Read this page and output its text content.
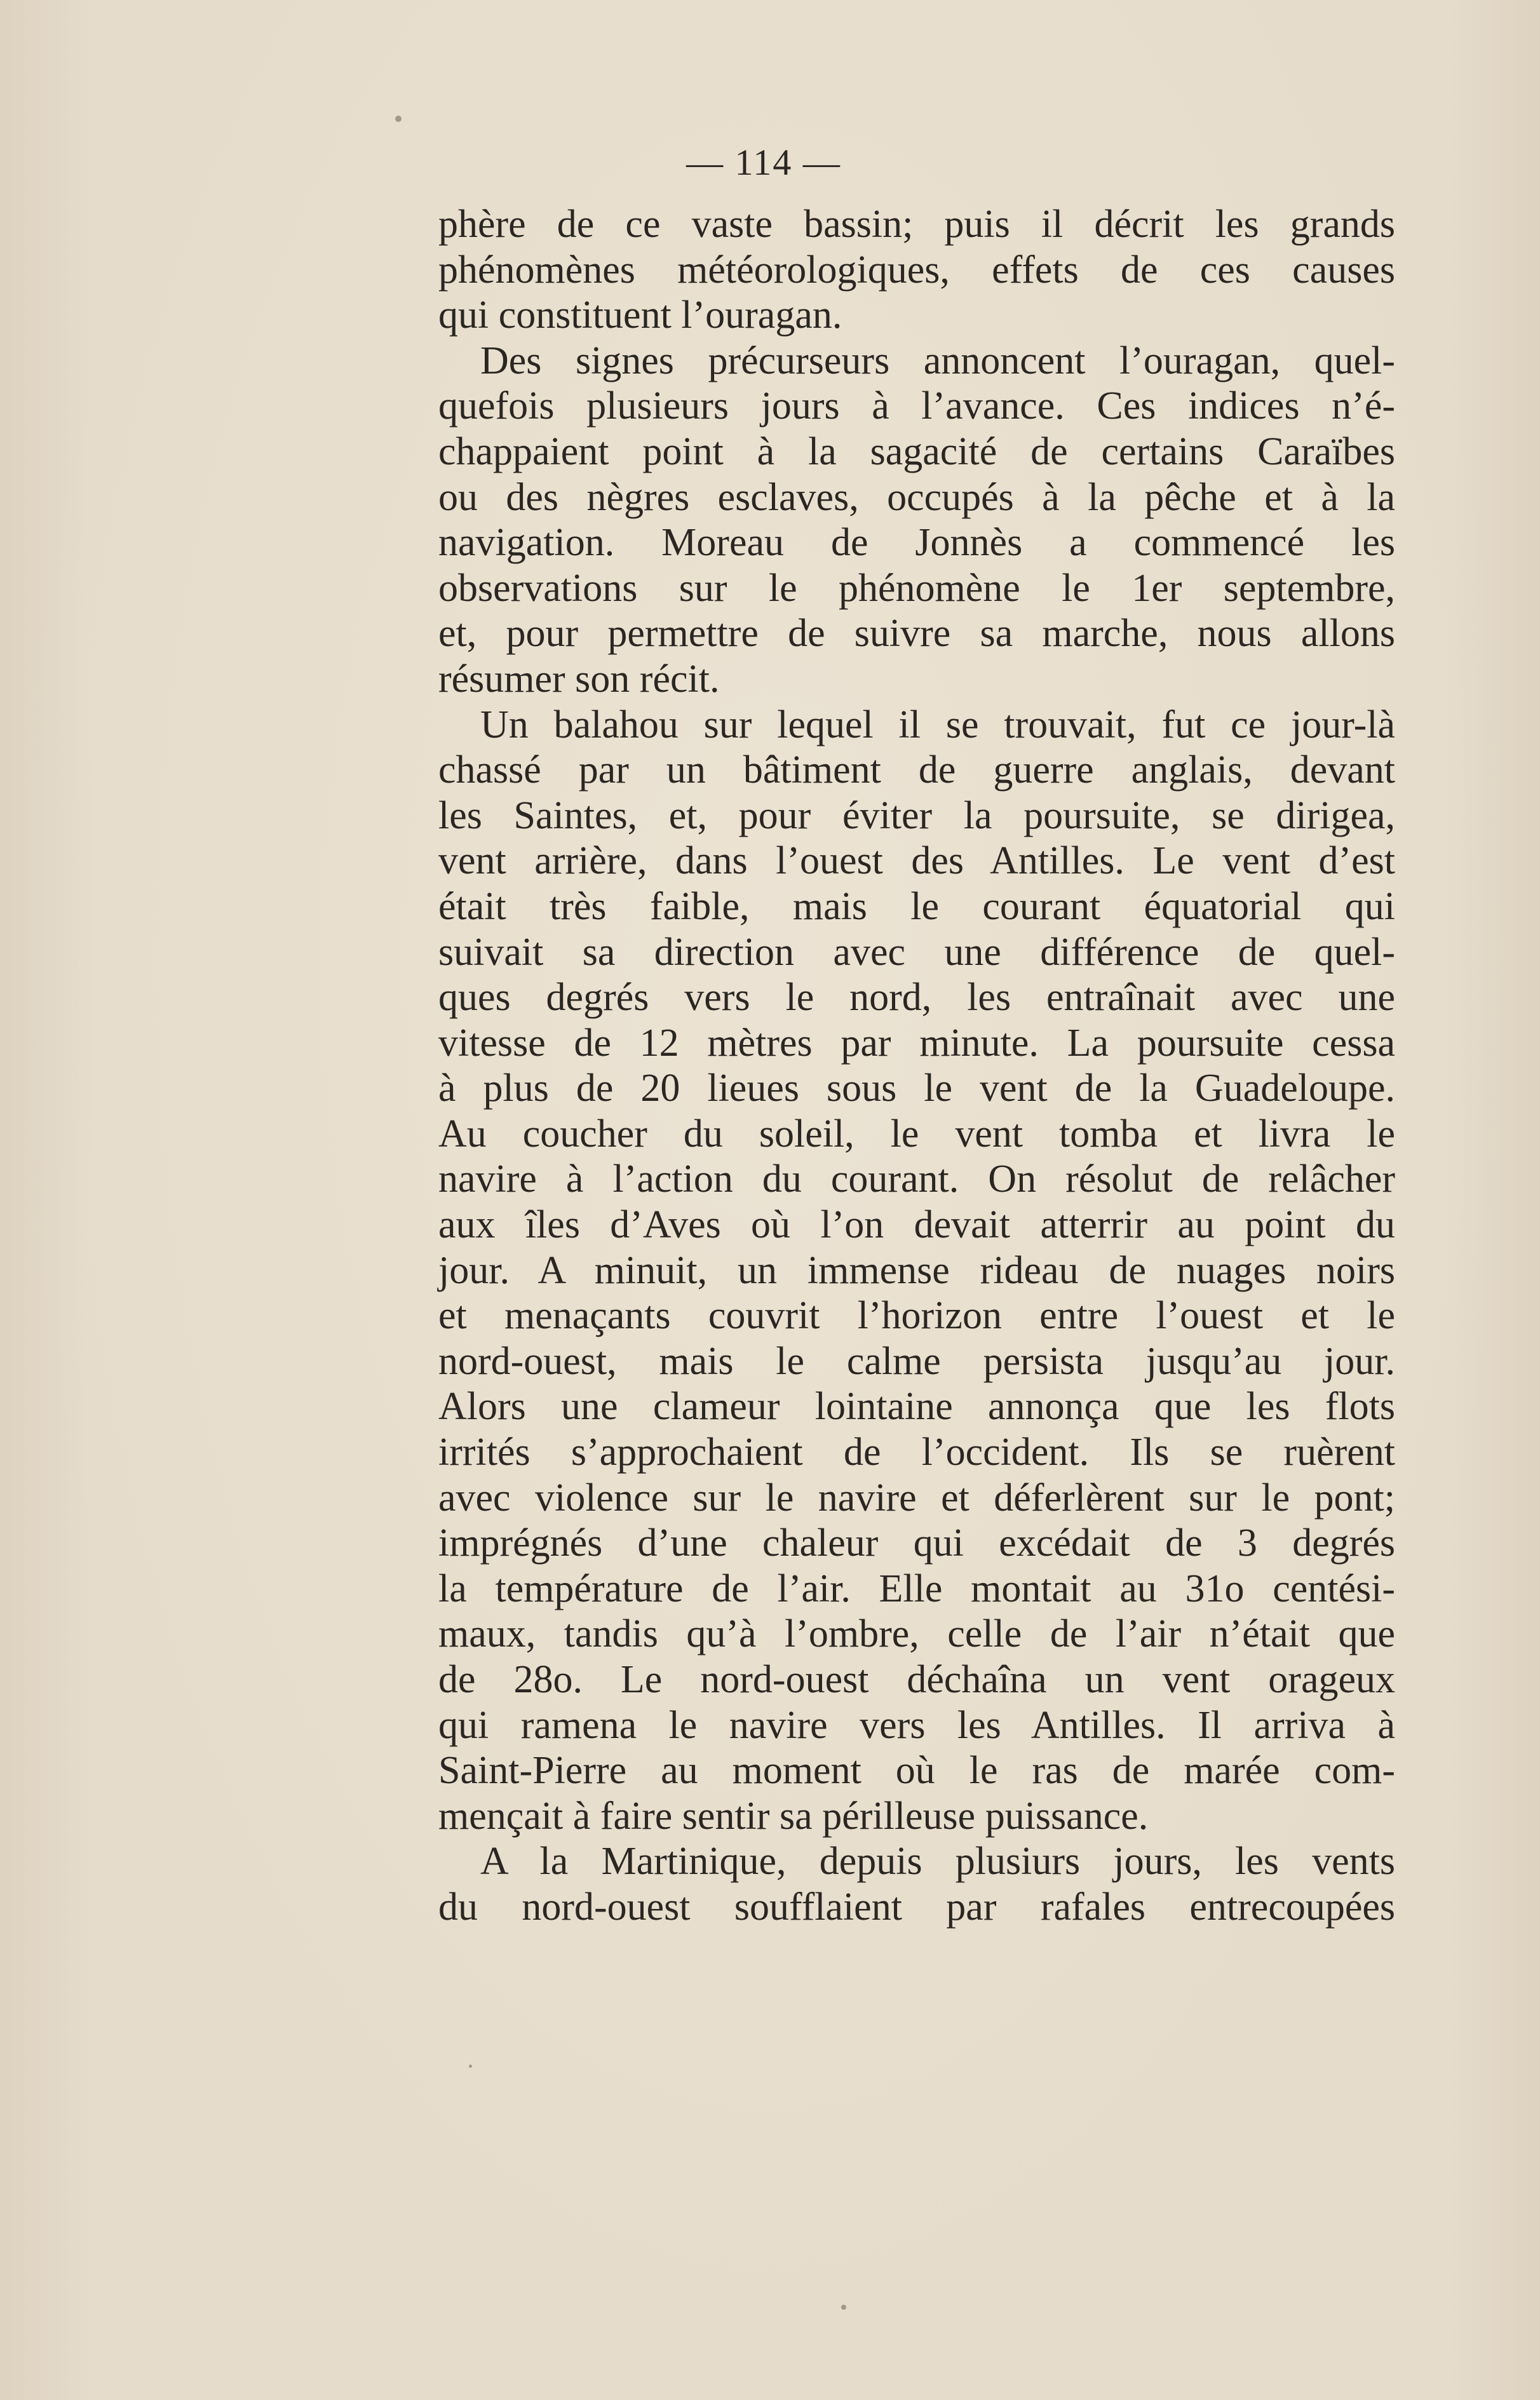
— 114 —
phère de ce vaste bassin; puis il décrit les grands
phénomènes météorologiques, effets de ces causes
qui constituent l’ouragan.
Des signes précurseurs annoncent l’ouragan, quel-
quefois plusieurs jours à l’avance. Ces indices n’é-
chappaient point à la sagacité de certains Caraïbes
ou des nègres esclaves, occupés à la pêche et à la
navigation. Moreau de Jonnès a commencé les
observations sur le phénomène le 1er septembre,
et, pour permettre de suivre sa marche, nous allons
résumer son récit.
Un balahou sur lequel il se trouvait, fut ce jour-là
chassé par un bâtiment de guerre anglais, devant
les Saintes, et, pour éviter la poursuite, se dirigea,
vent arrière, dans l’ouest des Antilles. Le vent d’est
était très faible, mais le courant équatorial qui
suivait sa direction avec une différence de quel-
ques degrés vers le nord, les entraînait avec une
vitesse de 12 mètres par minute. La poursuite cessa
à plus de 20 lieues sous le vent de la Guadeloupe.
Au coucher du soleil, le vent tomba et livra le
navire à l’action du courant. On résolut de relâcher
aux îles d’Aves où l’on devait atterrir au point du
jour. A minuit, un immense rideau de nuages noirs
et menaçants couvrit l’horizon entre l’ouest et le
nord-ouest, mais le calme persista jusqu’au jour.
Alors une clameur lointaine annonça que les flots
irrités s’approchaient de l’occident. Ils se ruèrent
avec violence sur le navire et déferlèrent sur le pont;
imprégnés d’une chaleur qui excédait de 3 degrés
la température de l’air. Elle montait au 31o centési-
maux, tandis qu’à l’ombre, celle de l’air n’était que
de 28o. Le nord-ouest déchaîna un vent orageux
qui ramena le navire vers les Antilles. Il arriva à
Saint-Pierre au moment où le ras de marée com-
mençait à faire sentir sa périlleuse puissance.
A la Martinique, depuis plusiurs jours, les vents
du nord-ouest soufflaient par rafales entrecoupées
